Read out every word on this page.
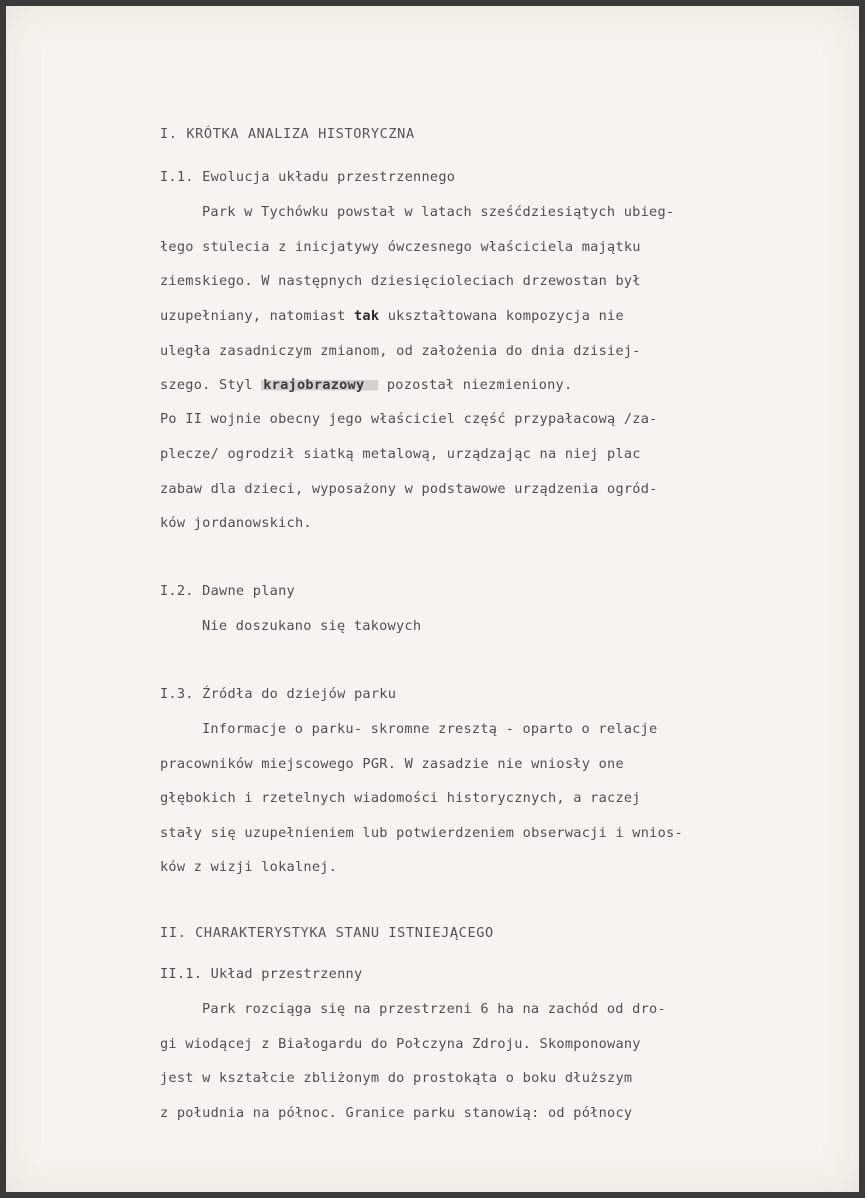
I. KRÓTKA ANALIZA HISTORYCZNA
I.1. Ewolucja układu przestrzennego
Park w Tychówku powstał w latach sześćdziesiątych ubieg-
łego stulecia z inicjatywy ówczesnego właściciela majątku
ziemskiego. W następnych dziesięcioleciach drzewostan był
uzupełniany, natomiast tak ukształtowana kompozycja nie
uległa zasadniczym zmianom, od założenia do dnia dzisiej-
szego. Styl krajobrazowy pozostał niezmieniony.
Po II wojnie obecny jego właściciel część przypałacową /za-
plecze/ ogrodził siatką metalową, urządzając na niej plac
zabaw dla dzieci, wyposażony w podstawowe urządzenia ogród-
ków jordanowskich.
I.2. Dawne plany
Nie doszukano się takowych
I.3. Źródła do dziejów parku
Informacje o parku- skromne zresztą - oparto o relacje
pracowników miejscowego PGR. W zasadzie nie wniosły one
głębokich i rzetelnych wiadomości historycznych, a raczej
stały się uzupełnieniem lub potwierdzeniem obserwacji i wnios-
ków z wizji lokalnej.
II. CHARAKTERYSTYKA STANU ISTNIEJĄCEGO
II.1. Układ przestrzenny
Park rozciąga się na przestrzeni 6 ha na zachód od dro-
gi wiodącej z Białogardu do Połczyna Zdroju. Skomponowany
jest w kształcie zbliżonym do prostokąta o boku dłuższym
z południa na północ. Granice parku stanowią: od północy
